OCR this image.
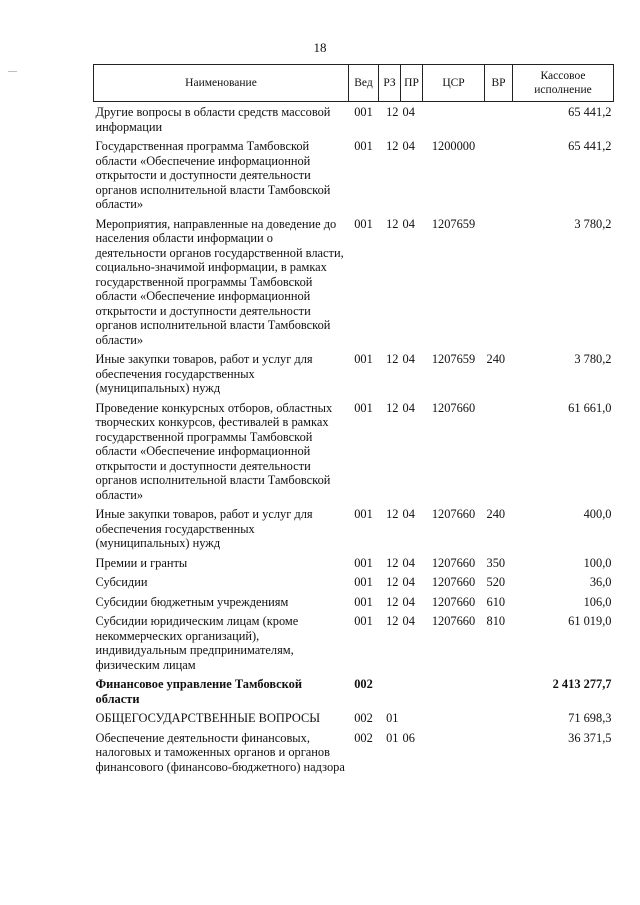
18
—
Наименование	Вед	РЗ	ПР	ЦСР	ВР	Кассовое исполнение
Другие вопросы в области средств массовой информации	001	12	04			65 441,2
Государственная программа Тамбовской области «Обеспечение информационной открытости и доступности деятельности органов исполнительной власти Тамбовской области»	001	12	04	1200000		65 441,2
Мероприятия, направленные на доведение до населения области информации о деятельности органов государственной власти, социально-значимой информации, в рамках государственной программы Тамбовской области «Обеспечение информационной открытости и доступности деятельности органов исполнительной власти Тамбовской области»	001	12	04	1207659		3 780,2
Иные закупки товаров, работ и услуг для обеспечения государственных (муниципальных) нужд	001	12	04	1207659	240	3 780,2
Проведение конкурсных отборов, областных творческих конкурсов, фестивалей в рамках государственной программы Тамбовской области «Обеспечение информационной открытости и доступности деятельности органов исполнительной власти Тамбовской области»	001	12	04	1207660		61 661,0
Иные закупки товаров, работ и услуг для обеспечения государственных (муниципальных) нужд	001	12	04	1207660	240	400,0
Премии и гранты	001	12	04	1207660	350	100,0
Субсидии	001	12	04	1207660	520	36,0
Субсидии бюджетным учреждениям	001	12	04	1207660	610	106,0
Субсидии юридическим лицам (кроме некоммерческих организаций), индивидуальным предпринимателям, физическим лицам	001	12	04	1207660	810	61 019,0
Финансовое управление Тамбовской области	002					2 413 277,7
ОБЩЕГОСУДАРСТВЕННЫЕ ВОПРОСЫ	002	01				71 698,3
Обеспечение деятельности финансовых, налоговых и таможенных органов и органов финансового (финансово-бюджетного) надзора	002	01	06			36 371,5
